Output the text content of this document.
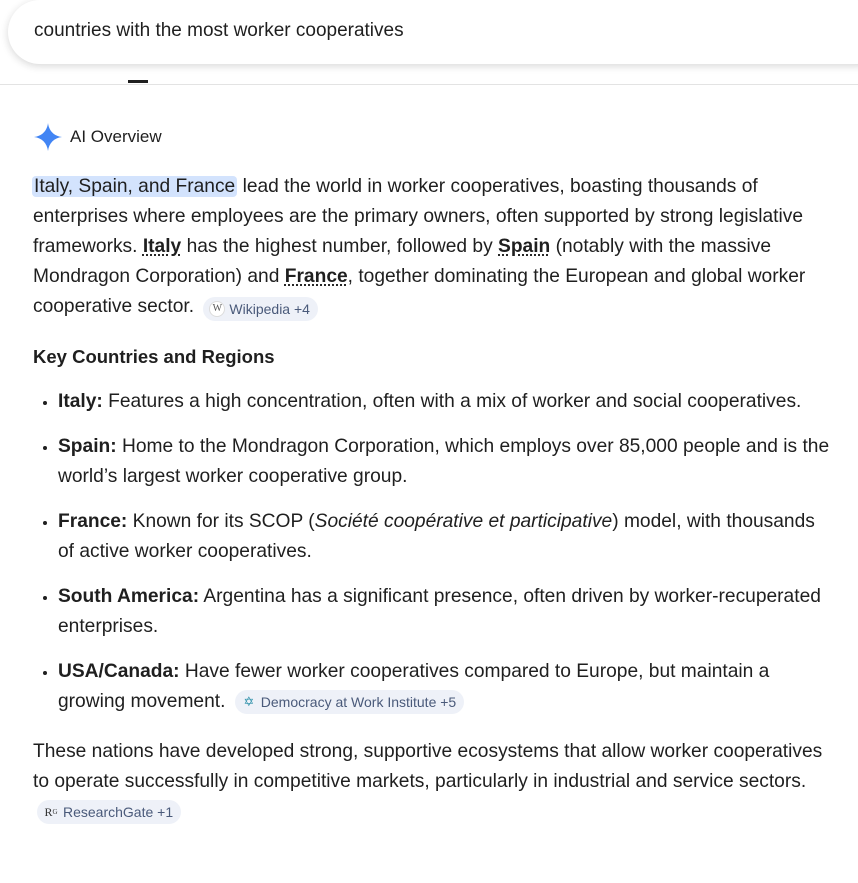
countries with the most worker cooperatives
AI Overview

Italy, Spain, and France lead the world in worker cooperatives, boasting thousands of enterprises where employees are the primary owners, often supported by strong legislative frameworks. Italy has the highest number, followed by Spain (notably with the massive Mondragon Corporation) and France, together dominating the European and global worker cooperative sector.	W Wikipedia +4

Key Countries and Regions
• Italy: Features a high concentration, often with a mix of worker and social cooperatives.
• Spain: Home to the Mondragon Corporation, which employs over 85,000 people and is the world’s largest worker cooperative group.
• France: Known for its SCOP (Société coopérative et participative) model, with thousands of active worker cooperatives.
• South America: Argentina has a significant presence, often driven by worker-recuperated enterprises.
• USA/Canada: Have fewer worker cooperatives compared to Europe, but maintain a growing movement. ✡ Democracy at Work Institute +5

These nations have developed strong, supportive ecosystems that allow worker cooperatives to operate successfully in competitive markets, particularly in industrial and service sectors.
R G ResearchGate +1
